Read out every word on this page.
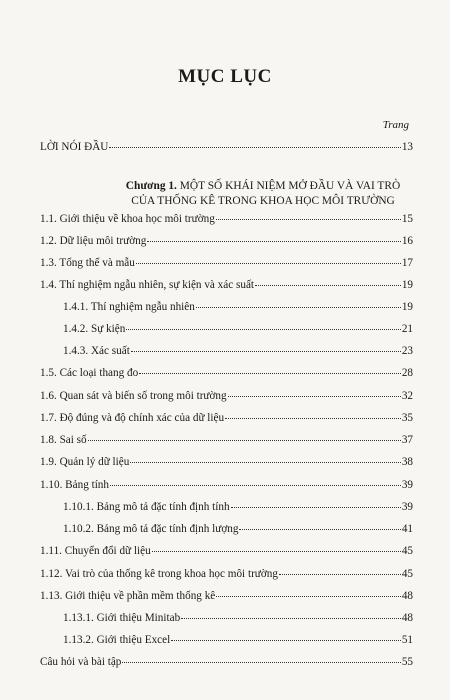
MỤC LỤC
Trang
LỜI NÓI ĐẦU	13
Chương 1. MỘT SỐ KHÁI NIỆM MỞ ĐẦU VÀ VAI TRÒ
CỦA THỐNG KÊ TRONG KHOA HỌC MÔI TRƯỜNG
1.1. Giới thiệu về khoa học môi trường	15
1.2. Dữ liệu môi trường	16
1.3. Tổng thể và mẫu	17
1.4. Thí nghiệm ngẫu nhiên, sự kiện và xác suất	19
1.4.1. Thí nghiệm ngẫu nhiên	19
1.4.2. Sự kiện	21
1.4.3. Xác suất	23
1.5. Các loại thang đo	28
1.6. Quan sát và biến số trong môi trường	32
1.7. Độ đúng và độ chính xác của dữ liệu	35
1.8. Sai số	37
1.9. Quản lý dữ liệu	38
1.10. Bảng tính	39
1.10.1. Bảng mô tả đặc tính định tính	39
1.10.2. Bảng mô tả đặc tính định lượng	41
1.11. Chuyển đổi dữ liệu	45
1.12. Vai trò của thống kê trong khoa học môi trường	45
1.13. Giới thiệu về phần mềm thống kê	48
1.13.1. Giới thiệu Minitab	48
1.13.2. Giới thiệu Excel	51
Câu hỏi và bài tập	55
